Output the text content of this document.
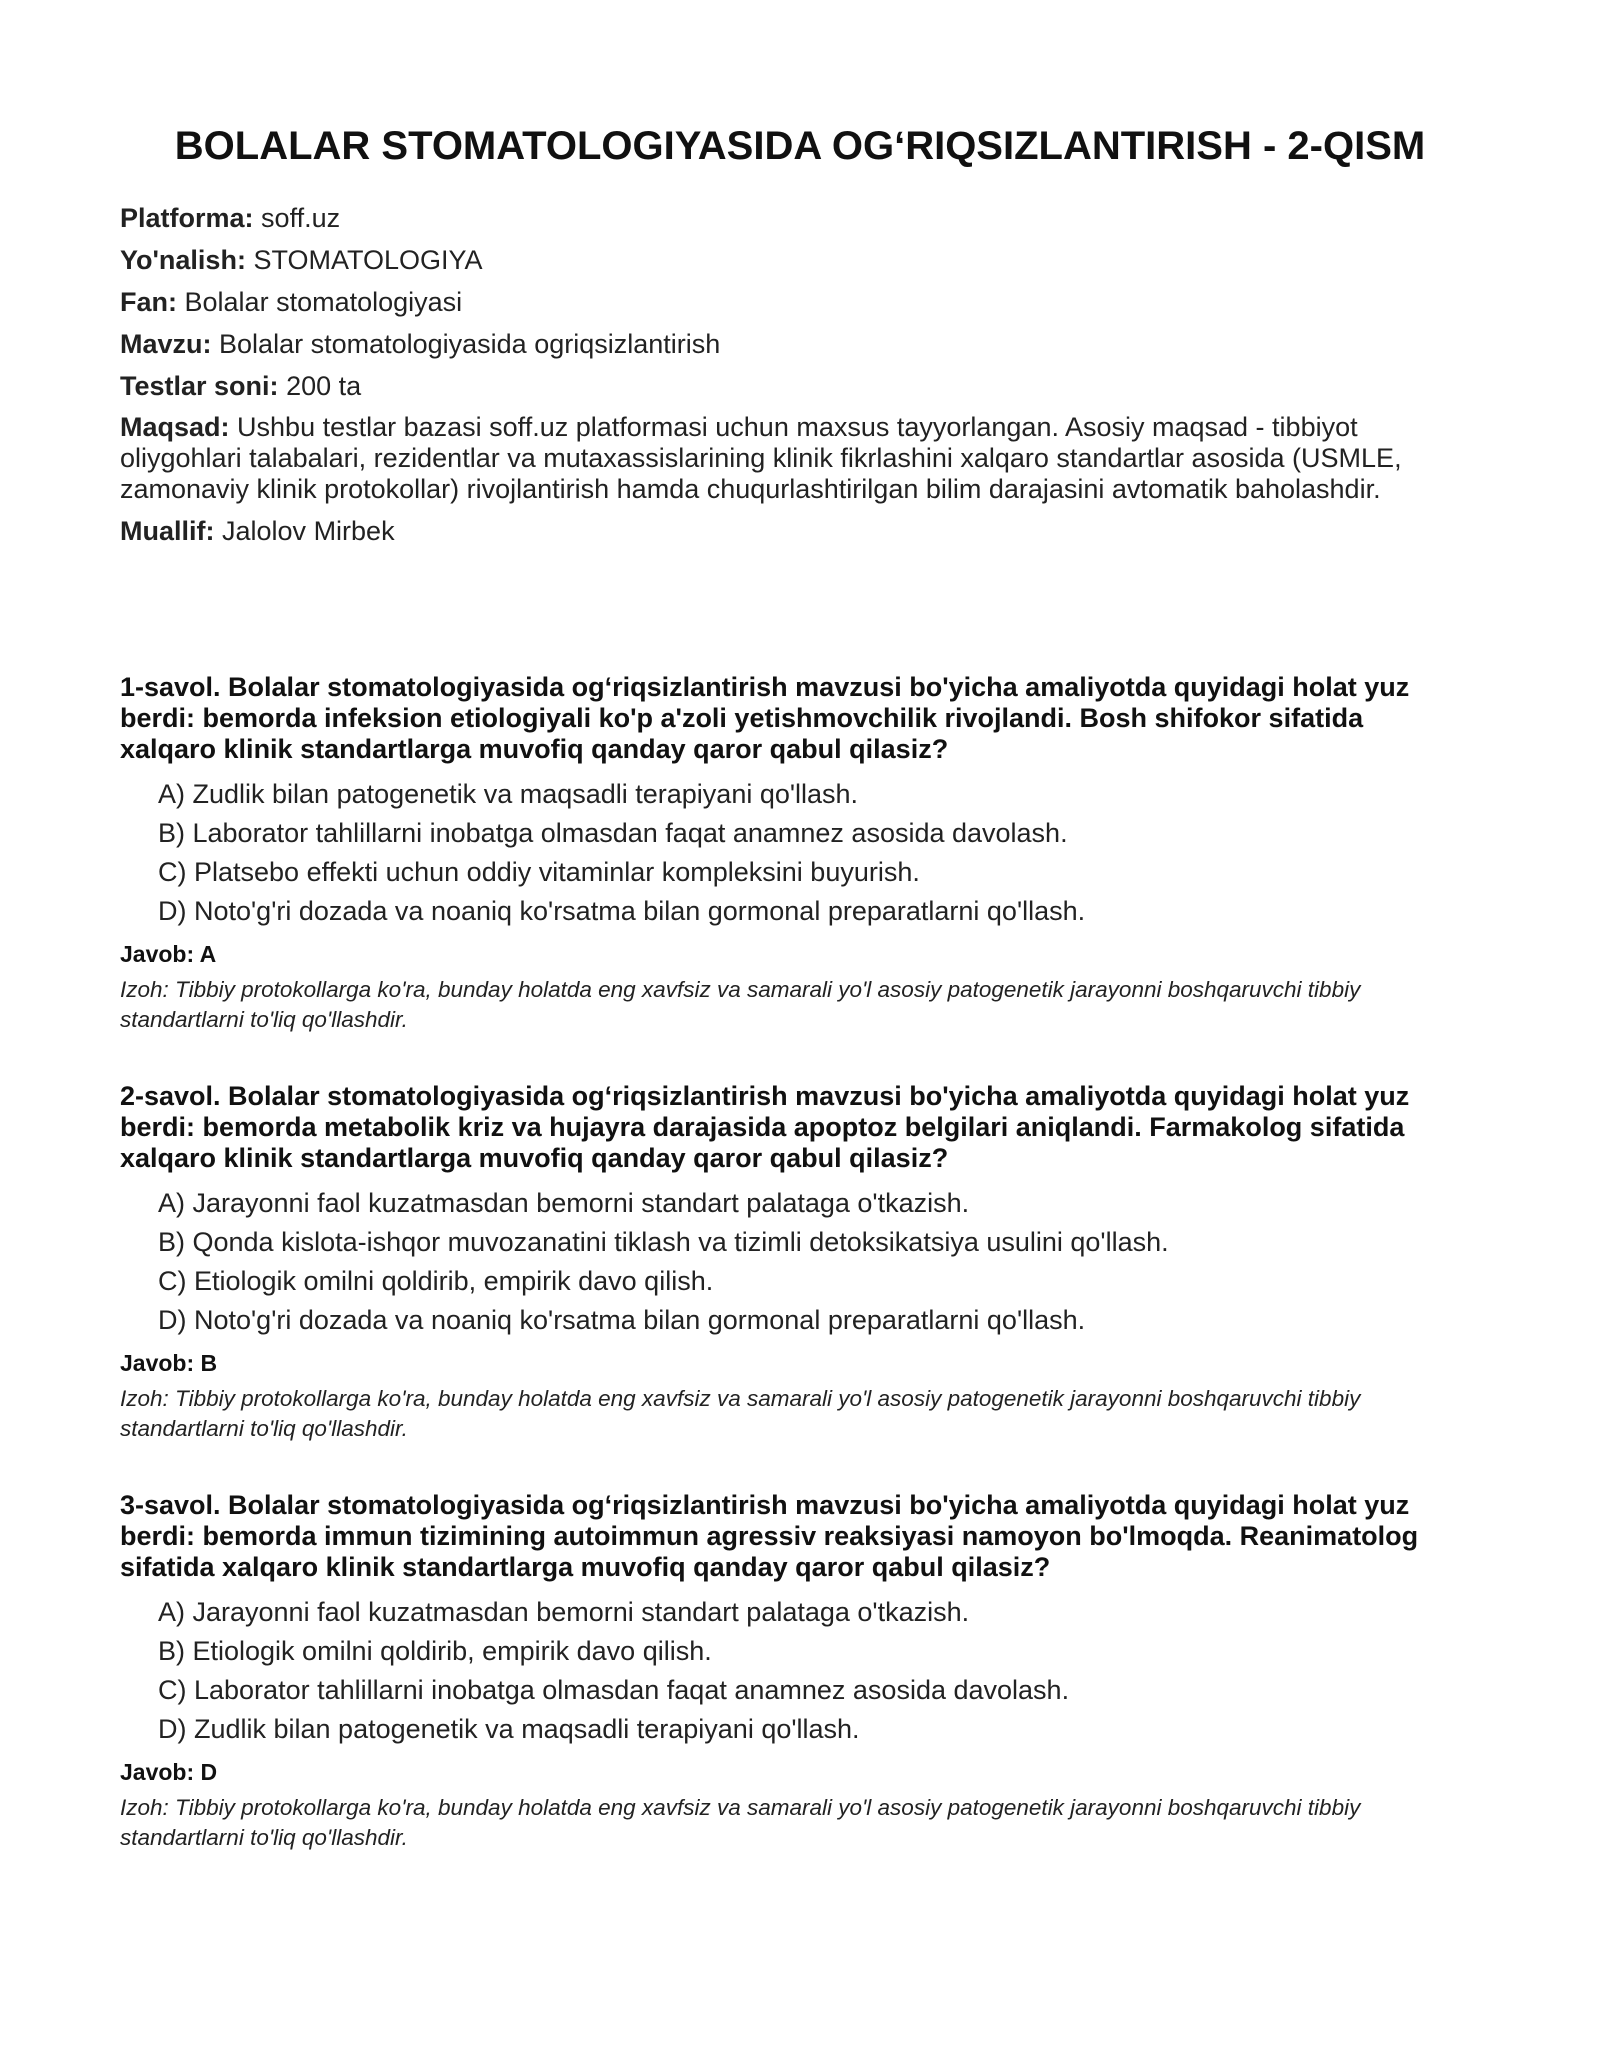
BOLALAR STOMATOLOGIYASIDA OG‘RIQSIZLANTIRISH - 2-QISM
Platforma: soff.uz
Yo'nalish: STOMATOLOGIYA
Fan: Bolalar stomatologiyasi
Mavzu: Bolalar stomatologiyasida ogriqsizlantirish
Testlar soni: 200 ta
Maqsad: Ushbu testlar bazasi soff.uz platformasi uchun maxsus tayyorlangan. Asosiy maqsad - tibbiyot oliygohlari talabalari, rezidentlar va mutaxassislarining klinik fikrlashini xalqaro standartlar asosida (USMLE, zamonaviy klinik protokollar) rivojlantirish hamda chuqurlashtirilgan bilim darajasini avtomatik baholashdir.
Muallif: Jalolov Mirbek

1-savol. Bolalar stomatologiyasida og‘riqsizlantirish mavzusi bo'yicha amaliyotda quyidagi holat yuz berdi: bemorda infeksion etiologiyali ko'p a'zoli yetishmovchilik rivojlandi. Bosh shifokor sifatida xalqaro klinik standartlarga muvofiq qanday qaror qabul qilasiz?

A) Zudlik bilan patogenetik va maqsadli terapiyani qo'llash.
B) Laborator tahlillarni inobatga olmasdan faqat anamnez asosida davolash.
C) Platsebo effekti uchun oddiy vitaminlar kompleksini buyurish.
D) Noto'g'ri dozada va noaniq ko'rsatma bilan gormonal preparatlarni qo'llash.
Javob: A
Izoh: Tibbiy protokollarga ko'ra, bunday holatda eng xavfsiz va samarali yo'l asosiy patogenetik jarayonni boshqaruvchi tibbiy standartlarni to'liq qo'llashdir.

2-savol. Bolalar stomatologiyasida og‘riqsizlantirish mavzusi bo'yicha amaliyotda quyidagi holat yuz berdi: bemorda metabolik kriz va hujayra darajasida apoptoz belgilari aniqlandi. Farmakolog sifatida xalqaro klinik standartlarga muvofiq qanday qaror qabul qilasiz?

A) Jarayonni faol kuzatmasdan bemorni standart palataga o'tkazish.
B) Qonda kislota-ishqor muvozanatini tiklash va tizimli detoksikatsiya usulini qo'llash.
C) Etiologik omilni qoldirib, empirik davo qilish.
D) Noto'g'ri dozada va noaniq ko'rsatma bilan gormonal preparatlarni qo'llash.
Javob: B
Izoh: Tibbiy protokollarga ko'ra, bunday holatda eng xavfsiz va samarali yo'l asosiy patogenetik jarayonni boshqaruvchi tibbiy standartlarni to'liq qo'llashdir.

3-savol. Bolalar stomatologiyasida og‘riqsizlantirish mavzusi bo'yicha amaliyotda quyidagi holat yuz berdi: bemorda immun tizimining autoimmun agressiv reaksiyasi namoyon bo'lmoqda. Reanimatolog sifatida xalqaro klinik standartlarga muvofiq qanday qaror qabul qilasiz?

A) Jarayonni faol kuzatmasdan bemorni standart palataga o'tkazish.
B) Etiologik omilni qoldirib, empirik davo qilish.
C) Laborator tahlillarni inobatga olmasdan faqat anamnez asosida davolash.
D) Zudlik bilan patogenetik va maqsadli terapiyani qo'llash.
Javob: D
Izoh: Tibbiy protokollarga ko'ra, bunday holatda eng xavfsiz va samarali yo'l asosiy patogenetik jarayonni boshqaruvchi tibbiy standartlarni to'liq qo'llashdir.
